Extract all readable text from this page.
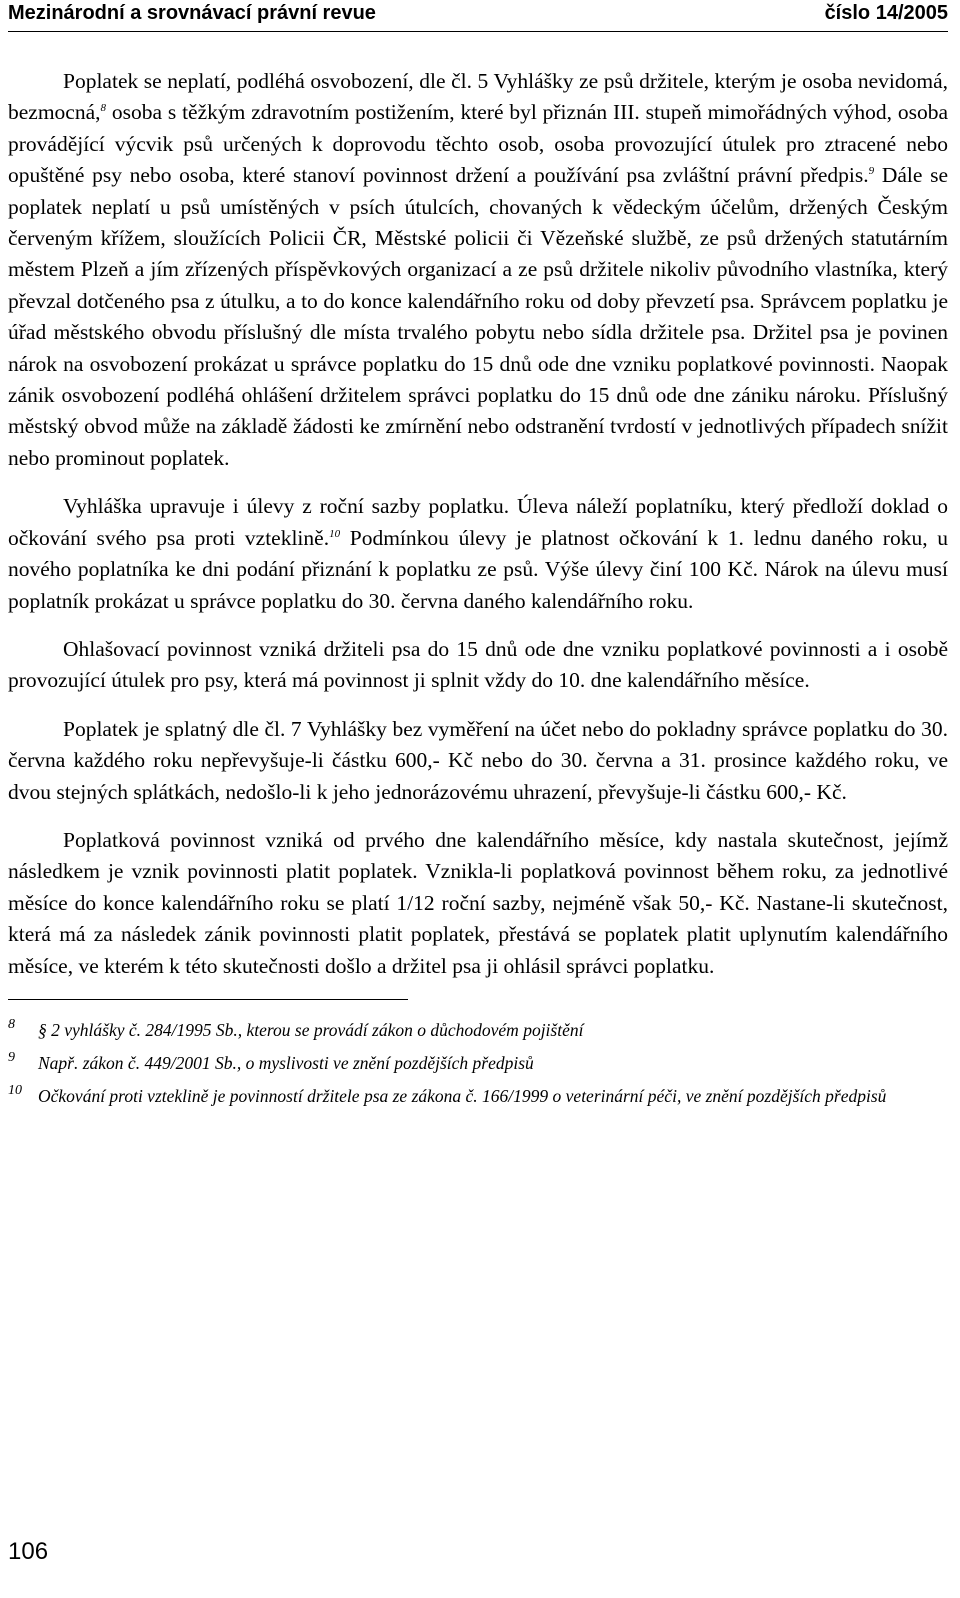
Mezinárodní a srovnávací právní revue	číslo 14/2005

Poplatek se neplatí, podléhá osvobození, dle čl. 5 Vyhlášky ze psů držitele, kterým je osoba nevidomá, bezmocná,$^8$ osoba s těžkým zdravotním postižením, které byl přiznán III. stupeň mimořádných výhod, osoba provádějící výcvik psů určených k doprovodu těchto osob, osoba provozující útulek pro ztracené nebo opuštěné psy nebo osoba, které stanoví povinnost držení a používání psa zvláštní právní předpis.$^9$ Dále se poplatek neplatí u psů umístěných v psích útulcích, chovaných k vědeckým účelům, držených Českým červeným křížem, sloužících Policii ČR, Městské policii či Vězeňské službě, ze psů držených statutárním městem Plzeň a jím zřízených příspěvkových organizací a ze psů držitele nikoliv původního vlastníka, který převzal dotčeného psa z útulku, a to do konce kalendářního roku od doby převzetí psa. Správcem poplatku je úřad městského obvodu příslušný dle místa trvalého pobytu nebo sídla držitele psa. Držitel psa je povinen nárok na osvobození prokázat u správce poplatku do 15 dnů ode dne vzniku poplatkové povinnosti. Naopak zánik osvobození podléhá ohlášení držitelem správci poplatku do 15 dnů ode dne zániku nároku. Příslušný městský obvod může na základě žádosti ke zmírnění nebo odstranění tvrdostí v jednotlivých případech snížit nebo prominout poplatek.

Vyhláška upravuje i úlevy z roční sazby poplatku. Úleva náleží poplatníku, který předloží doklad o očkování svého psa proti vzteklině.$^{10}$ Podmínkou úlevy je platnost očkování k 1. lednu daného roku, u nového poplatníka ke dni podání přiznání k poplatku ze psů. Výše úlevy činí 100 Kč. Nárok na úlevu musí poplatník prokázat u správce poplatku do 30. června daného kalendářního roku.

Ohlašovací povinnost vzniká držiteli psa do 15 dnů ode dne vzniku poplatkové povinnosti a i osobě provozující útulek pro psy, která má povinnost ji splnit vždy do 10. dne kalendářního měsíce.

Poplatek je splatný dle čl. 7 Vyhlášky bez vyměření na účet nebo do pokladny správce poplatku do 30. června každého roku nepřevyšuje-li částku 600,- Kč nebo do 30. června a 31. prosince každého roku, ve dvou stejných splátkách, nedošlo-li k jeho jednorázovému uhrazení, převyšuje-li částku 600,- Kč.

Poplatková povinnost vzniká od prvého dne kalendářního měsíce, kdy nastala skutečnost, jejímž následkem je vznik povinnosti platit poplatek. Vznikla-li poplatková povinnost během roku, za jednotlivé měsíce do konce kalendářního roku se platí 1/12 roční sazby, nejméně však 50,- Kč. Nastane-li skutečnost, která má za následek zánik povinnosti platit poplatek, přestává se poplatek platit uplynutím kalendářního měsíce, ve kterém k této skutečnosti došlo a držitel psa ji ohlásil správci poplatku.

8	§ 2 vyhlášky č. 284/1995 Sb., kterou se provádí zákon o důchodovém pojištění
9	Např. zákon č. 449/2001 Sb., o myslivosti ve znění pozdějších předpisů
10 Očkování proti vzteklině je povinností držitele psa ze zákona č. 166/1999 o veterinární péči, ve znění pozdějších předpisů
106
